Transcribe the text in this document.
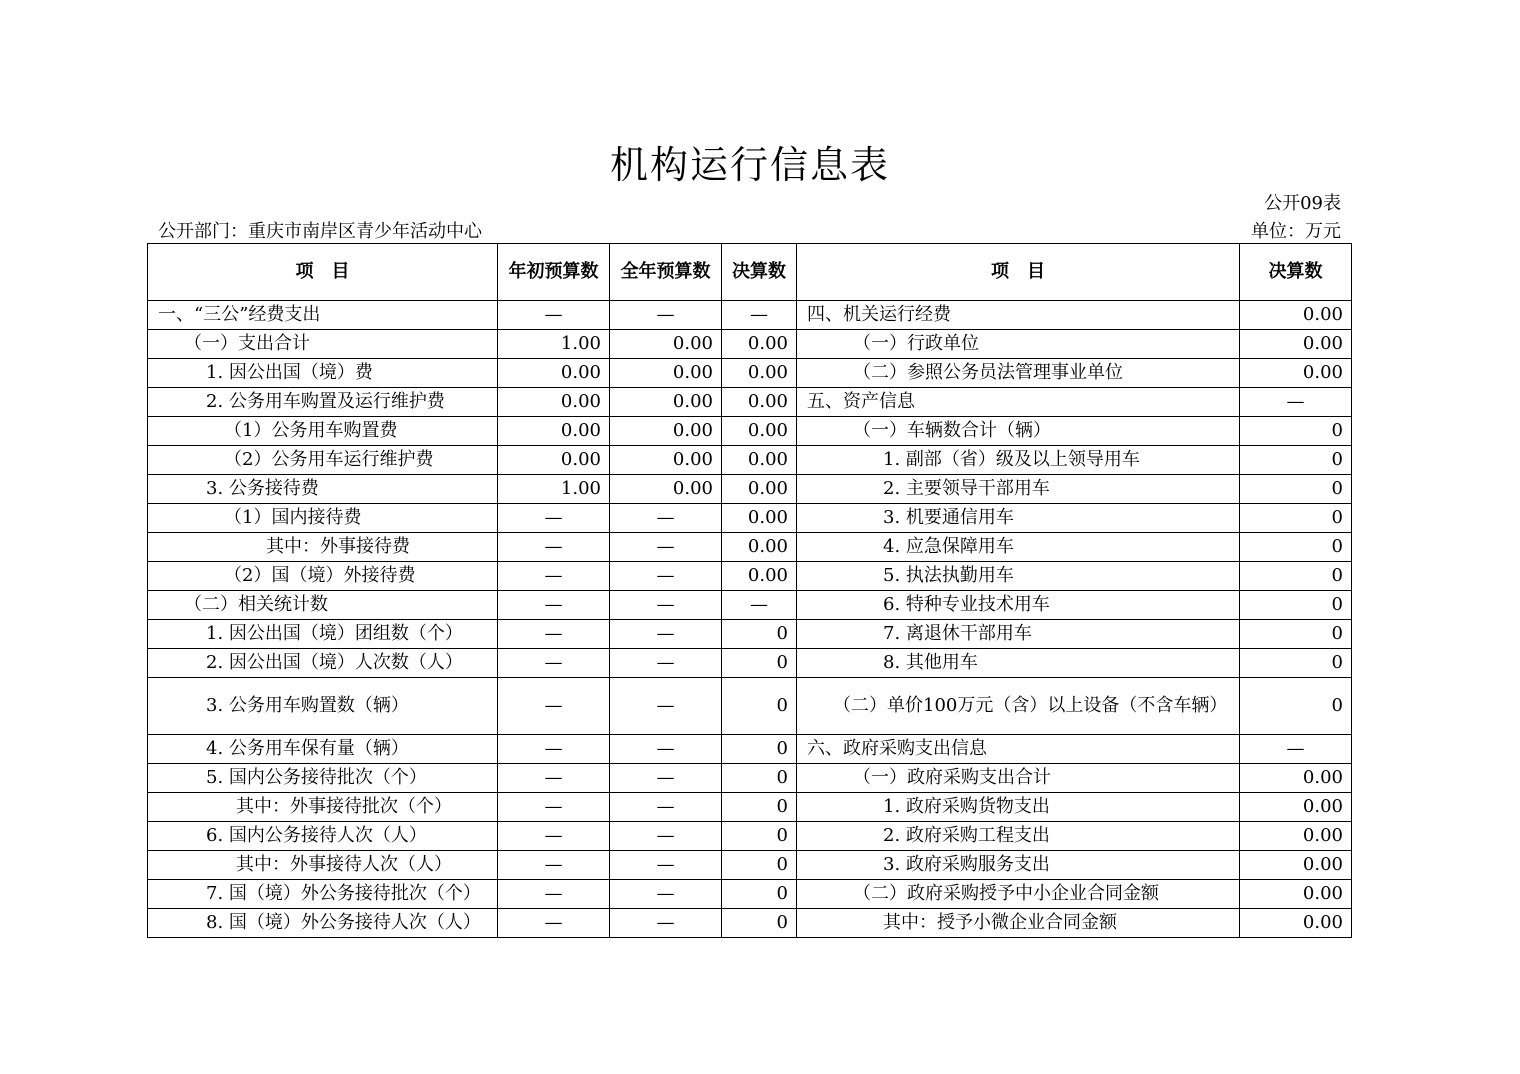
机构运行信息表
公开09表
公开部门：重庆市南岸区青少年活动中心	单位：万元
项　目	年初预算数	全年预算数	决算数	项　目	决算数
一、“三公”经费支出	—	—	—	四、机关运行经费	0.00
（一）支出合计	1.00	0.00	0.00	（一）行政单位	0.00
1. 因公出国（境）费	0.00	0.00	0.00	（二）参照公务员法管理事业单位	0.00
2. 公务用车购置及运行维护费	0.00	0.00	0.00	五、资产信息	—
（1）公务用车购置费	0.00	0.00	0.00	（一）车辆数合计（辆）	0
（2）公务用车运行维护费	0.00	0.00	0.00	1. 副部（省）级及以上领导用车	0
3. 公务接待费	1.00	0.00	0.00	2. 主要领导干部用车	0
（1）国内接待费	—	—	0.00	3. 机要通信用车	0
其中：外事接待费	—	—	0.00	4. 应急保障用车	0
（2）国（境）外接待费	—	—	0.00	5. 执法执勤用车	0
（二）相关统计数	—	—	—	6. 特种专业技术用车	0
1. 因公出国（境）团组数（个）	—	—	0	7. 离退休干部用车	0
2. 因公出国（境）人次数（人）	—	—	0	8. 其他用车	0
3. 公务用车购置数（辆）	—	—	0	（二）单价100万元（含）以上设备（不含车辆）	0
4. 公务用车保有量（辆）	—	—	0	六、政府采购支出信息	—
5. 国内公务接待批次（个）	—	—	0	（一）政府采购支出合计	0.00
其中：外事接待批次（个）	—	—	0	1. 政府采购货物支出	0.00
6. 国内公务接待人次（人）	—	—	0	2. 政府采购工程支出	0.00
其中：外事接待人次（人）	—	—	0	3. 政府采购服务支出	0.00
7. 国（境）外公务接待批次（个）	—	—	0	（二）政府采购授予中小企业合同金额	0.00
8. 国（境）外公务接待人次（人）	—	—	0	其中：授予小微企业合同金额	0.00
